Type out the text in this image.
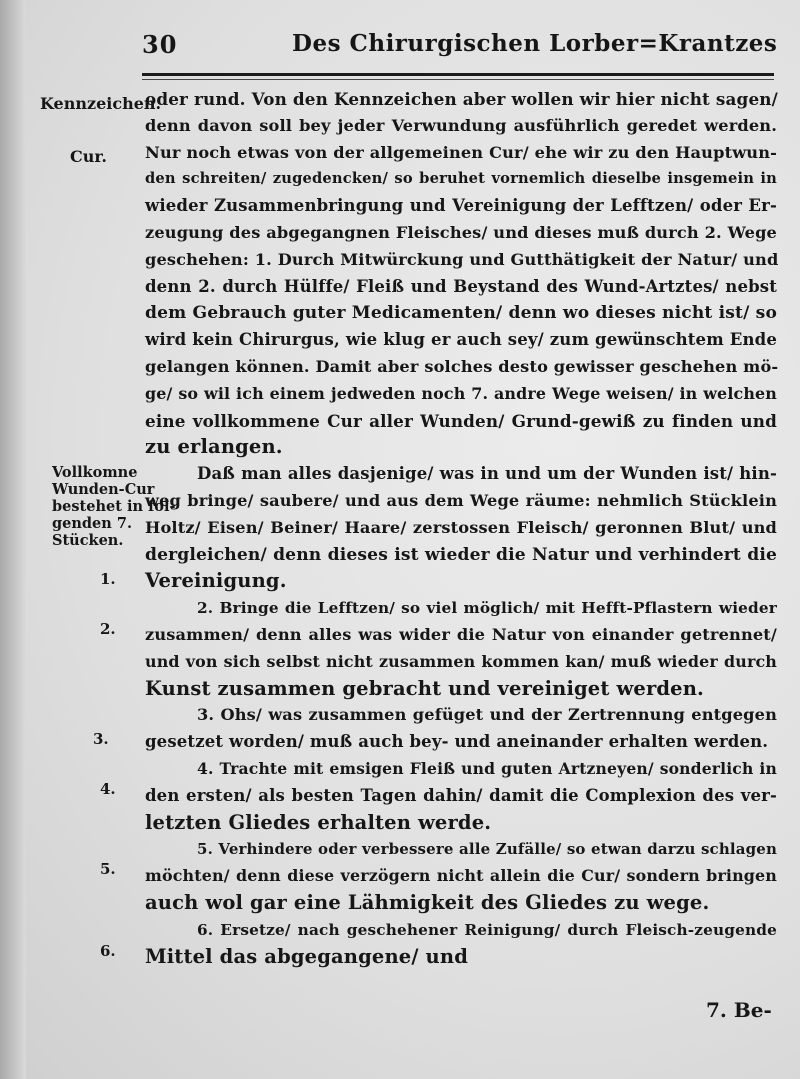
30	Des Chirurgischen Lorber=Krantzes
Kennzeichen.
Cur.
Vollkomne
Wunden-Cur
bestehet in fol-
genden 7.
Stücken.
1.
2.
3.
4.
5.
6.
oder rund. Von den Kennzeichen aber wollen wir hier nicht sagen/
denn davon soll bey jeder Verwundung ausführlich geredet werden.
Nur noch etwas von der allgemeinen Cur/ ehe wir zu den Hauptwun-
den schreiten/ zugedencken/ so beruhet vornemlich dieselbe insgemein in
wieder Zusammenbringung und Vereinigung der Lefftzen/ oder Er-
zeugung des abgegangnen Fleisches/ und dieses muß durch 2. Wege
geschehen: 1. Durch Mitwürckung und Gutthätigkeit der Natur/ und
denn 2. durch Hülffe/ Fleiß und Beystand des Wund-Artztes/ nebst
dem Gebrauch guter Medicamenten/ denn wo dieses nicht ist/ so
wird kein Chirurgus, wie klug er auch sey/ zum gewünschtem Ende
gelangen können. Damit aber solches desto gewisser geschehen mö-
ge/ so wil ich einem jedweden noch 7. andre Wege weisen/ in welchen
eine vollkommene Cur aller Wunden/ Grund-gewiß zu finden und
zu erlangen.
Daß man alles dasjenige/ was in und um der Wunden ist/ hin-
weg bringe/ saubere/ und aus dem Wege räume: nehmlich Stücklein
Holtz/ Eisen/ Beiner/ Haare/ zerstossen Fleisch/ geronnen Blut/ und
dergleichen/ denn dieses ist wieder die Natur und verhindert die
Vereinigung.
2. Bringe die Lefftzen/ so viel möglich/ mit Hefft-Pflastern wieder
zusammen/ denn alles was wider die Natur von einander getrennet/
und von sich selbst nicht zusammen kommen kan/ muß wieder durch
Kunst zusammen gebracht und vereiniget werden.
3. Ohs/ was zusammen gefüget und der Zertrennung entgegen
gesetzet worden/ muß auch bey- und aneinander erhalten werden.
4. Trachte mit emsigen Fleiß und guten Artzneyen/ sonderlich in
den ersten/ als besten Tagen dahin/ damit die Complexion des ver-
letzten Gliedes erhalten werde.
5. Verhindere oder verbessere alle Zufälle/ so etwan darzu schlagen
möchten/ denn diese verzögern nicht allein die Cur/ sondern bringen
auch wol gar eine Lähmigkeit des Gliedes zu wege.
6. Ersetze/ nach geschehener Reinigung/ durch Fleisch-zeugende
Mittel das abgegangene/ und
7. Be-
